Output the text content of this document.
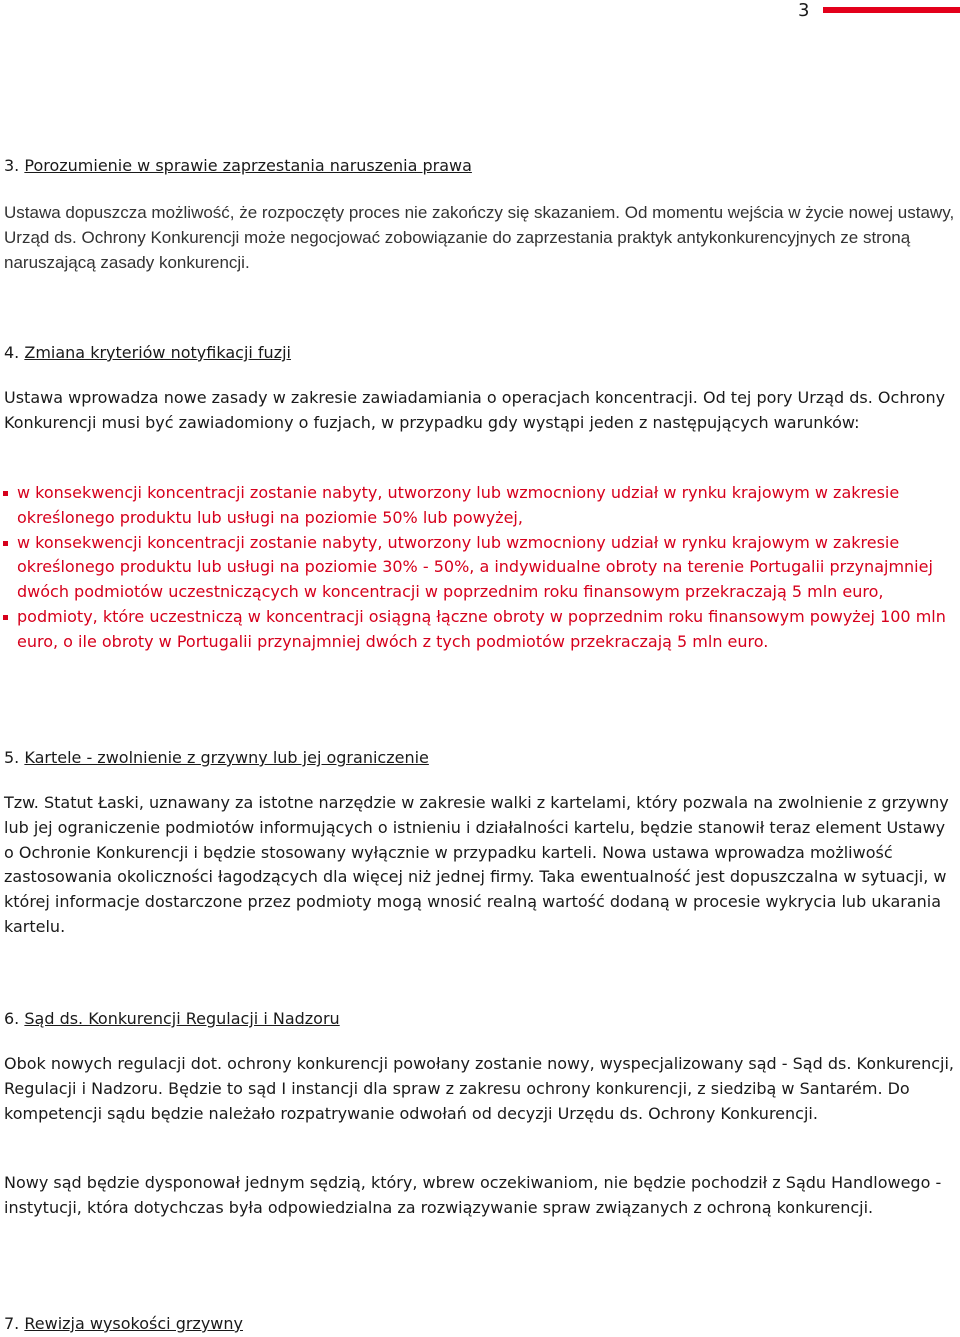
3
3. Porozumienie w sprawie zaprzestania naruszenia prawa

Ustawa dopuszcza możliwość, że rozpoczęty proces nie zakończy się skazaniem. Od momentu wejścia w życie nowej ustawy, Urząd ds. Ochrony Konkurencji może negocjować zobowiązanie do zaprzestania praktyk antykonkurencyjnych ze stroną naruszającą zasady konkurencji.

4. Zmiana kryteriów notyfikacji fuzji

Ustawa wprowadza nowe zasady w zakresie zawiadamiania o operacjach koncentracji. Od tej pory Urząd ds. Ochrony Konkurencji musi być zawiadomiony o fuzjach, w przypadku gdy wystąpi jeden z następujących warunków:

w konsekwencji koncentracji zostanie nabyty, utworzony lub wzmocniony udział w rynku krajowym w zakresie określonego produktu lub usługi na poziomie 50% lub powyżej,
w konsekwencji koncentracji zostanie nabyty, utworzony lub wzmocniony udział w rynku krajowym w zakresie określonego produktu lub usługi na poziomie 30% - 50%, a indywidualne obroty na terenie Portugalii przynajmniej dwóch podmiotów uczestniczących w koncentracji w poprzednim roku finansowym przekraczają 5 mln euro,
podmioty, które uczestniczą w koncentracji osiągną łączne obroty w poprzednim roku finansowym powyżej 100 mln euro, o ile obroty w Portugalii przynajmniej dwóch z tych podmiotów przekraczają 5 mln euro.
5. Kartele - zwolnienie z grzywny lub jej ograniczenie

Tzw. Statut Łaski, uznawany za istotne narzędzie w zakresie walki z kartelami, który pozwala na zwolnienie z grzywny lub jej ograniczenie podmiotów informujących o istnieniu i działalności kartelu, będzie stanowił teraz element Ustawy o Ochronie Konkurencji i będzie stosowany wyłącznie w przypadku karteli. Nowa ustawa wprowadza możliwość zastosowania okoliczności łagodzących dla więcej niż jednej firmy. Taka ewentualność jest dopuszczalna w sytuacji, w której informacje dostarczone przez podmioty mogą wnosić realną wartość dodaną w procesie wykrycia lub ukarania kartelu.

6. Sąd ds. Konkurencji Regulacji i Nadzoru

Obok nowych regulacji dot. ochrony konkurencji powołany zostanie nowy, wyspecjalizowany sąd - Sąd ds. Konkurencji, Regulacji i Nadzoru. Będzie to sąd I instancji dla spraw z zakresu ochrony konkurencji, z siedzibą w Santarém. Do kompetencji sądu będzie należało rozpatrywanie odwołań od decyzji Urzędu ds. Ochrony Konkurencji.

Nowy sąd będzie dysponował jednym sędzią, który, wbrew oczekiwaniom, nie będzie pochodził z Sądu Handlowego - instytucji, która dotychczas była odpowiedzialna za rozwiązywanie spraw związanych z ochroną konkurencji.

7. Rewizja wysokości grzywny
